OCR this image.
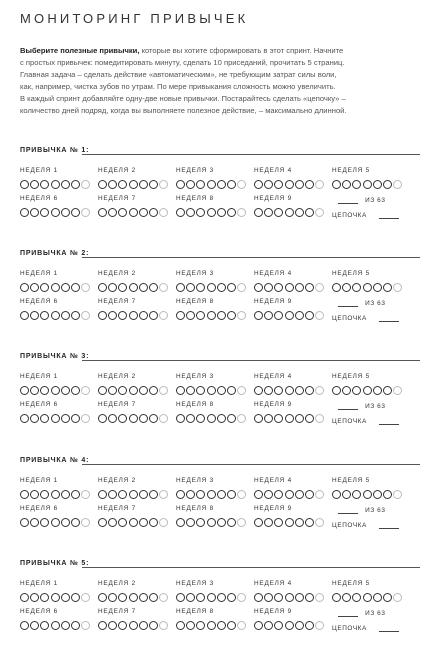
МОНИТОРИНГ ПРИВЫЧЕК

Выберите полезные привычки, которые вы хотите сформировать в этот спринт. Начните

с простых привычек: помедитировать минуту, сделать 10 приседаний, прочитать 5 страниц.

Главная задача – сделать действие «автоматическим», не требующим затрат силы воли,

как, например, чистка зубов по утрам. По мере привыкания сложность можно увеличить.

В каждый спринт добавляйте одну-две новые привычки. Постарайтесь сделать «цепочку» –

количество дней подряд, когда вы выполняете полезное действие, – максимально длинной.

ПРИВЫЧКА № 1:
НЕДЕЛЯ 1	НЕДЕЛЯ 2	НЕДЕЛЯ 3	НЕДЕЛЯ 4	НЕДЕЛЯ 5
НЕДЕЛЯ 6	НЕДЕЛЯ 7	НЕДЕЛЯ 8	НЕДЕЛЯ 9	ИЗ 63
ЦЕПОЧКА
ПРИВЫЧКА № 2:
НЕДЕЛЯ 1	НЕДЕЛЯ 2	НЕДЕЛЯ 3	НЕДЕЛЯ 4	НЕДЕЛЯ 5
НЕДЕЛЯ 6	НЕДЕЛЯ 7	НЕДЕЛЯ 8	НЕДЕЛЯ 9	ИЗ 63
ЦЕПОЧКА
ПРИВЫЧКА № 3:
НЕДЕЛЯ 1	НЕДЕЛЯ 2	НЕДЕЛЯ 3	НЕДЕЛЯ 4	НЕДЕЛЯ 5
НЕДЕЛЯ 6	НЕДЕЛЯ 7	НЕДЕЛЯ 8	НЕДЕЛЯ 9	ИЗ 63
ЦЕПОЧКА
ПРИВЫЧКА № 4:
НЕДЕЛЯ 1	НЕДЕЛЯ 2	НЕДЕЛЯ 3	НЕДЕЛЯ 4	НЕДЕЛЯ 5
НЕДЕЛЯ 6	НЕДЕЛЯ 7	НЕДЕЛЯ 8	НЕДЕЛЯ 9	ИЗ 63
ЦЕПОЧКА
ПРИВЫЧКА № 5:
НЕДЕЛЯ 1	НЕДЕЛЯ 2	НЕДЕЛЯ 3	НЕДЕЛЯ 4	НЕДЕЛЯ 5
НЕДЕЛЯ 6	НЕДЕЛЯ 7	НЕДЕЛЯ 8	НЕДЕЛЯ 9	ИЗ 63
ЦЕПОЧКА
